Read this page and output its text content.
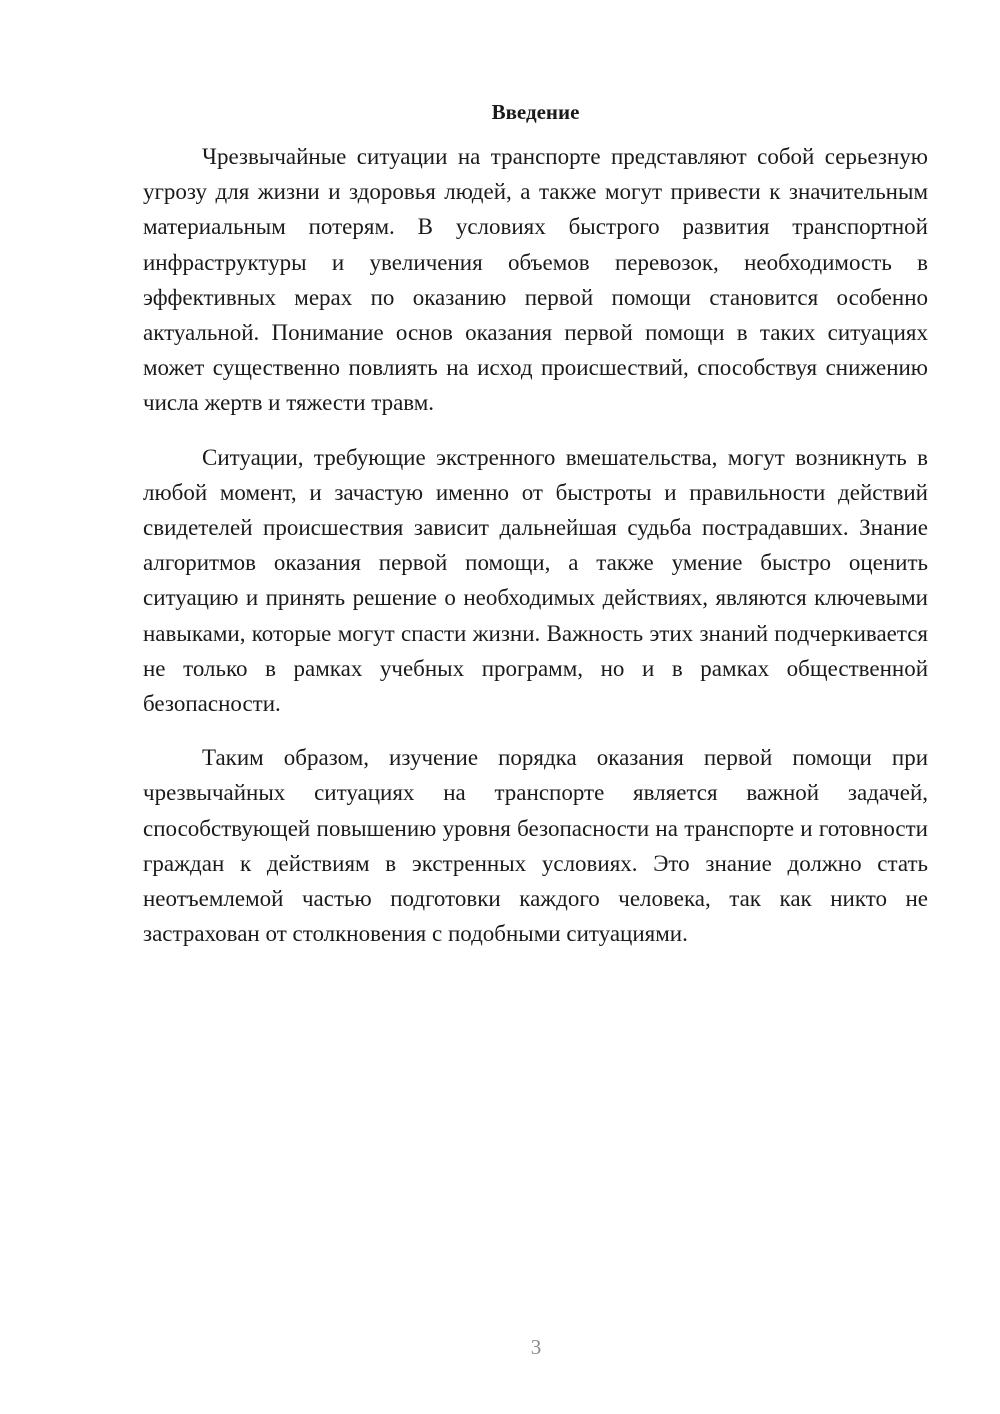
Введение

Чрезвычайные ситуации на транспорте представляют собой серьезную угрозу для жизни и здоровья людей, а также могут привести к значительным материальным потерям. В условиях быстрого развития транспортной инфраструктуры и увеличения объемов перевозок, необходимость в эффективных мерах по оказанию первой помощи становится особенно актуальной. Понимание основ оказания первой помощи в таких ситуациях может существенно повлиять на исход происшествий, способствуя снижению числа жертв и тяжести травм.

Ситуации, требующие экстренного вмешательства, могут возникнуть в любой момент, и зачастую именно от быстроты и правильности действий свидетелей происшествия зависит дальнейшая судьба пострадавших. Знание алгоритмов оказания первой помощи, а также умение быстро оценить ситуацию и принять решение о необходимых действиях, являются ключевыми навыками, которые могут спасти жизни. Важность этих знаний подчеркивается не только в рамках учебных программ, но и в рамках общественной безопасности.

Таким образом, изучение порядка оказания первой помощи при чрезвычайных ситуациях на транспорте является важной задачей, способствующей повышению уровня безопасности на транспорте и готовности граждан к действиям в экстренных условиях. Это знание должно стать неотъемлемой частью подготовки каждого человека, так как никто не застрахован от столкновения с подобными ситуациями.

3
